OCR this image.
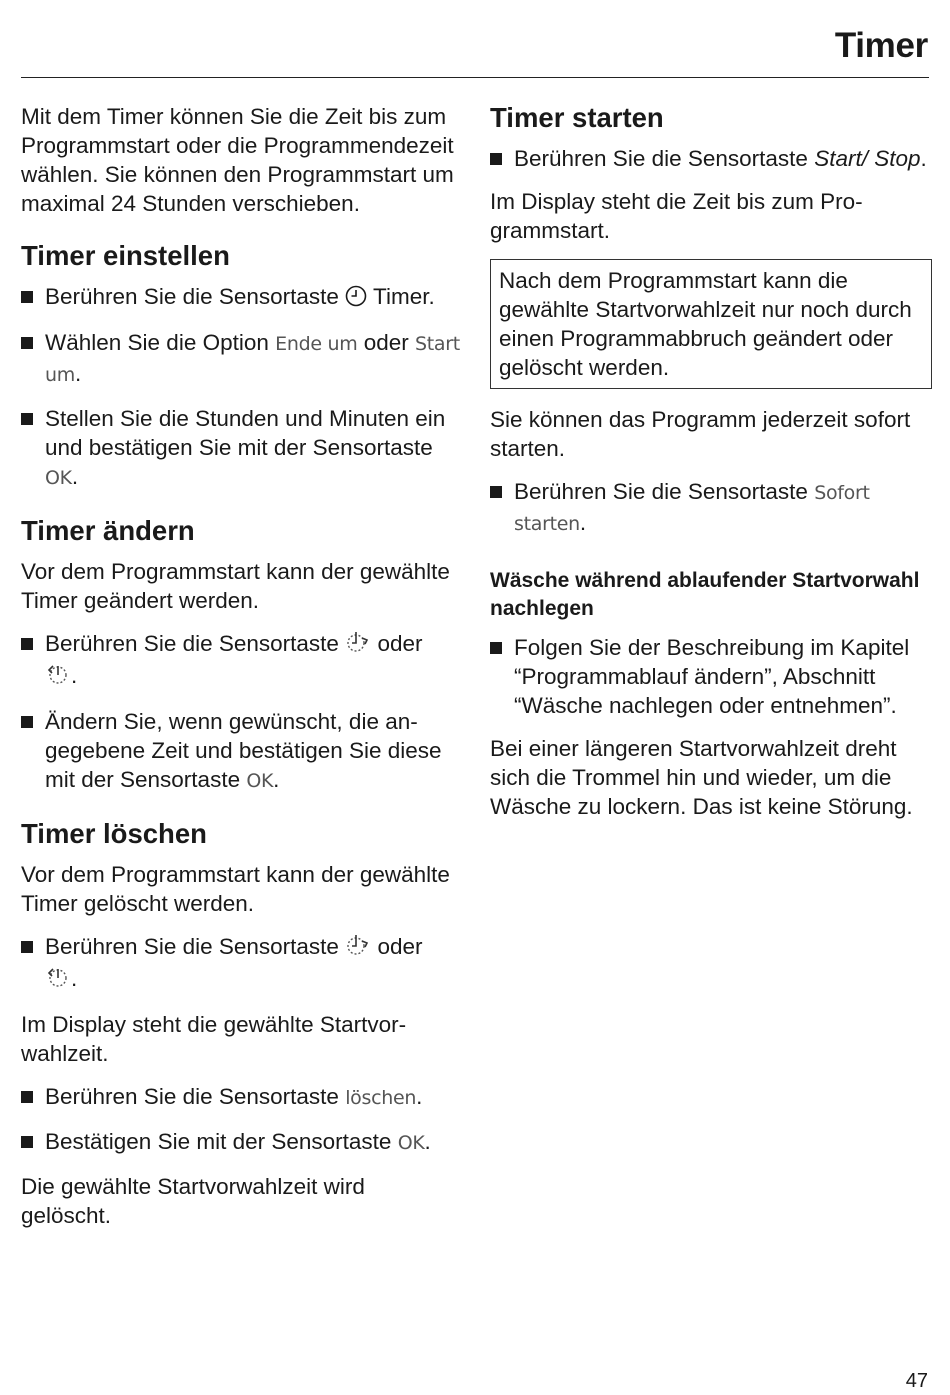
Timer

Mit dem Timer können Sie die Zeit bis zum Programmstart oder die Programmendezeit wählen. Sie können den Programmstart um maximal 24 Stunden verschieben.

Timer einstellen
Berühren Sie die Sensortaste  Timer.
Wählen Sie die Option Ende um oder Start um.
Stellen Sie die Stunden und Minuten ein und bestätigen Sie mit der Sensortaste OK.
Timer ändern

Vor dem Programmstart kann der gewählte Timer geändert werden.

Berühren Sie die Sensortaste  oder
.
Ändern Sie, wenn gewünscht, die angegebene Zeit und bestätigen Sie diese mit der Sensortaste OK.
Timer löschen

Vor dem Programmstart kann der gewählte Timer gelöscht werden.

Berühren Sie die Sensortaste  oder
.

Im Display steht die gewählte Startvorwahlzeit.

Berühren Sie die Sensortaste löschen.
Bestätigen Sie mit der Sensortaste OK.

Die gewählte Startvorwahlzeit wird gelöscht.

Timer starten
Berühren Sie die Sensortaste Start/ Stop.

Im Display steht die Zeit bis zum Programmstart.

Nach dem Programmstart kann die gewählte Startvorwahlzeit nur noch durch einen Programmabbruch geändert oder gelöscht werden.

Sie können das Programm jederzeit sofort starten.

Berühren Sie die Sensortaste Sofort starten.
Wäsche während ablaufender Startvorwahl nachlegen
Folgen Sie der Beschreibung im Kapitel “Programmablauf ändern”, Abschnitt “Wäsche nachlegen oder entnehmen”.

Bei einer längeren Startvorwahlzeit dreht sich die Trommel hin und wieder, um die Wäsche zu lockern. Das ist keine Störung.

47
